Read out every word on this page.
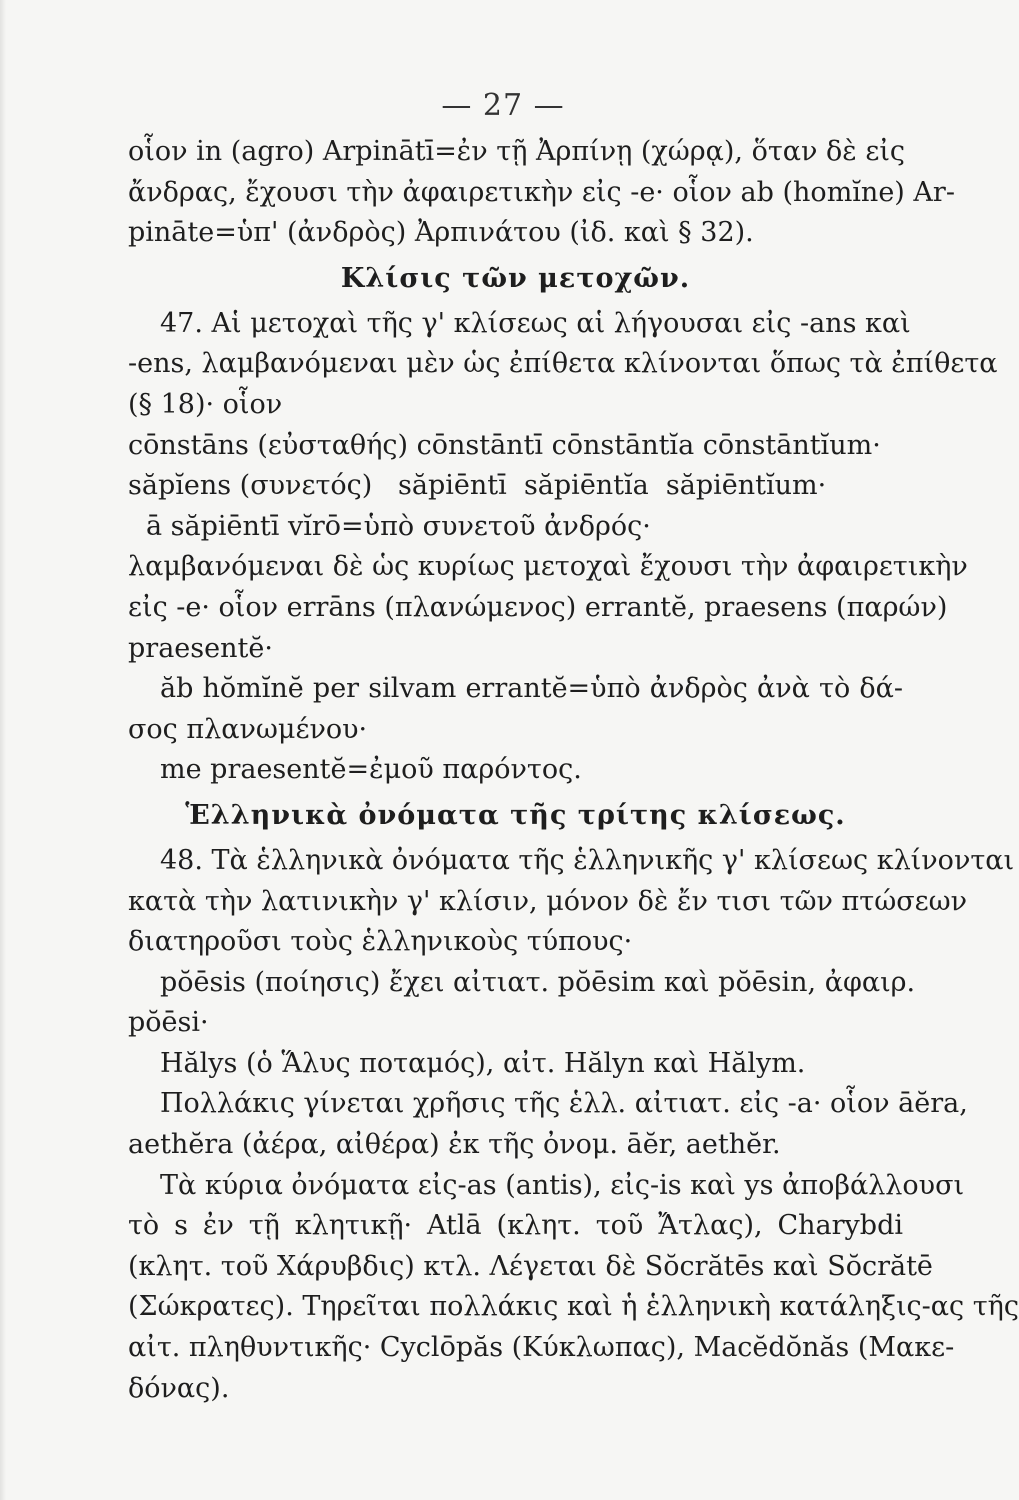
— 27 —
οἷον in (agro) Arpinātī=ἐν τῇ Ἀρπίνῃ (χώρᾳ), ὅταν δὲ εἰς
ἄνδρας, ἔχουσι τὴν ἀφαιρετικὴν εἰς -e· οἷον ab (homĭne) Ar-
pināte=ὑπ' (ἀνδρὸς) Ἀρπινάτου (ἰδ. καὶ § 32).
Κλίσις τῶν μετοχῶν.
47. Αἱ μετοχαὶ τῆς γ' κλίσεως αἱ λήγουσαι εἰς -ans καὶ
-ens, λαμβανόμεναι μὲν ὡς ἐπίθετα κλίνονται ὅπως τὰ ἐπίθετα
(§ 18)· οἷον
cōnstāns (εὐσταθής) cōnstāntī cōnstāntĭa cōnstāntĭum·
săpĭens (συνετός)   săpiēntī  săpiēntĭa  săpiēntĭum·
ā săpiēntī vĭrō=ὑπὸ συνετοῦ ἀνδρός·
λαμβανόμεναι δὲ ὡς κυρίως μετοχαὶ ἔχουσι τὴν ἀφαιρετικὴν
εἰς -e· οἷον errāns (πλανώμενος) errantĕ, praesens (παρών)
praesentĕ·
ăb hŏmĭnĕ per silvam errantĕ=ὑπὸ ἀνδρὸς ἀνὰ τὸ δά-
σος πλανωμένου·
me praesentĕ=ἐμοῦ παρόντος.
Ἑλληνικὰ ὀνόματα τῆς τρίτης κλίσεως.
48. Τὰ ἑλληνικὰ ὀνόματα τῆς ἑλληνικῆς γ' κλίσεως κλίνονται
κατὰ τὴν λατινικὴν γ' κλίσιν, μόνον δὲ ἔν τισι τῶν πτώσεων
διατηροῦσι τοὺς ἑλληνικοὺς τύπους·
pŏēsis (ποίησις) ἔχει αἰτιατ. pŏēsim καὶ pŏēsin, ἀφαιρ.
pŏēsi·
Hălys (ὁ Ἅλυς ποταμός), αἰτ. Hălyn καὶ Hălym.
Πολλάκις γίνεται χρῆσις τῆς ἑλλ. αἰτιατ. εἰς -a· οἷον āĕra,
aethĕra (ἀέρα, αἰθέρα) ἐκ τῆς ὀνομ. āĕr, aethĕr.
Τὰ κύρια ὀνόματα εἰς-as (antis), εἰς-is καὶ ys ἀποβάλλουσι
τὸ s ἐν τῇ κλητικῇ· Atlā (κλητ. τοῦ Ἄτλας), Charybdi
(κλητ. τοῦ Χάρυβδις) κτλ. Λέγεται δὲ Sŏcrătēs καὶ Sŏcrătē
(Σώκρατες). Τηρεῖται πολλάκις καὶ ἡ ἑλληνικὴ κατάληξις-ας τῆς
αἰτ. πληθυντικῆς· Cyclōpăs (Κύκλωπας), Macĕdŏnăs (Μακε-
δόνας).
